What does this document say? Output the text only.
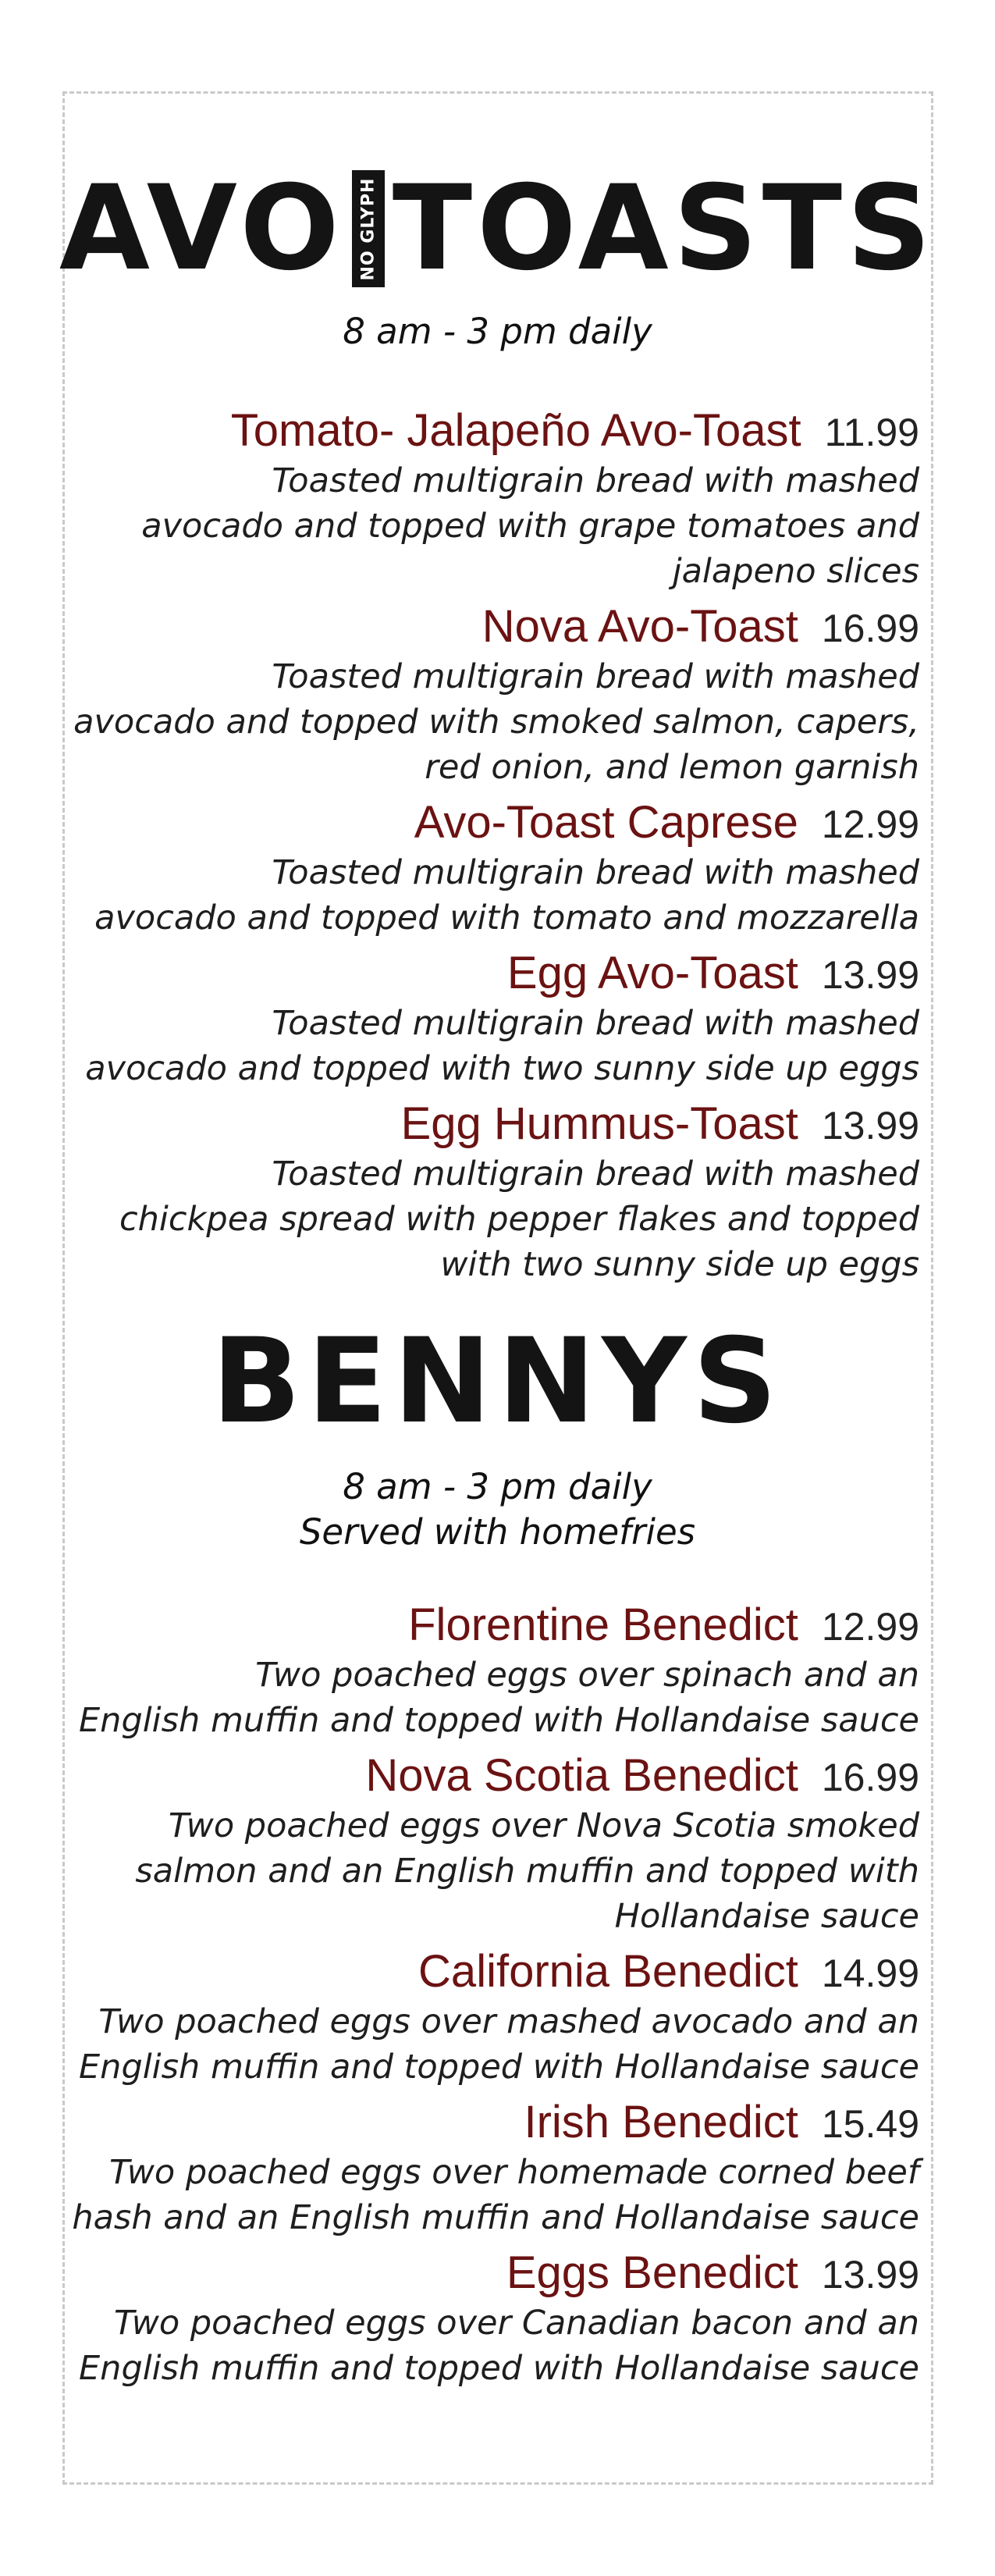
AVO NO GLYPH TOASTS
8 am - 3 pm daily
Tomato- Jalapeño Avo-Toast 11.99
Toasted multigrain bread with mashed
avocado and topped with grape tomatoes and
jalapeno slices
Nova Avo-Toast 16.99
Toasted multigrain bread with mashed
avocado and topped with smoked salmon, capers,
red onion, and lemon garnish
Avo-Toast Caprese 12.99
Toasted multigrain bread with mashed
avocado and topped with tomato and mozzarella
Egg Avo-Toast 13.99
Toasted multigrain bread with mashed
avocado and topped with two sunny side up eggs
Egg Hummus-Toast 13.99
Toasted multigrain bread with mashed
chickpea spread with pepper flakes and topped
with two sunny side up eggs
BENNYS
8 am - 3 pm daily
Served with homefries
Florentine Benedict 12.99
Two poached eggs over spinach and an
English muffin and topped with Hollandaise sauce
Nova Scotia Benedict 16.99
Two poached eggs over Nova Scotia smoked
salmon and an English muffin and topped with
Hollandaise sauce
California Benedict 14.99
Two poached eggs over mashed avocado and an
English muffin and topped with Hollandaise sauce
Irish Benedict 15.49
Two poached eggs over homemade corned beef
hash and an English muffin and Hollandaise sauce
Eggs Benedict 13.99
Two poached eggs over Canadian bacon and an
English muffin and topped with Hollandaise sauce
